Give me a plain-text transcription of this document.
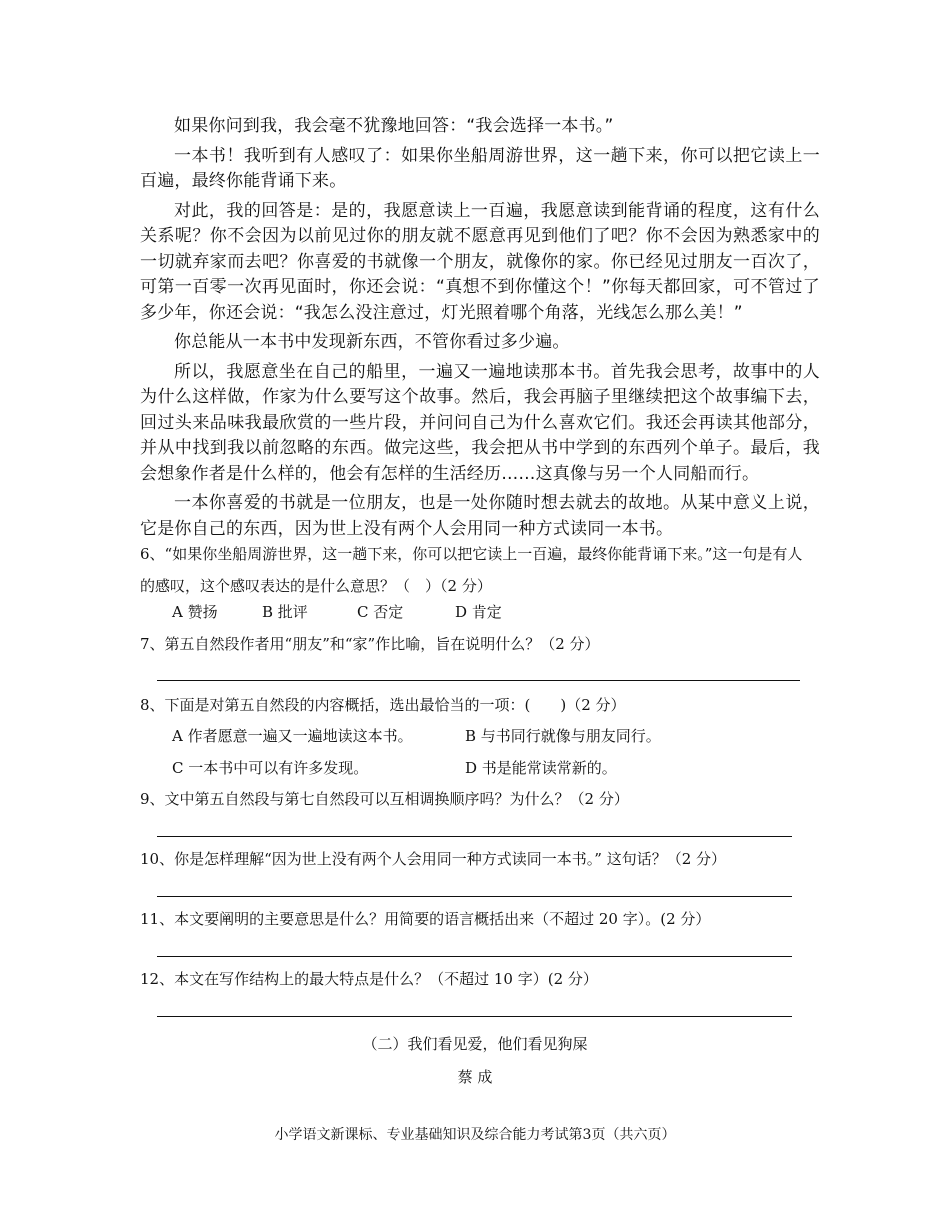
如果你问到我，我会毫不犹豫地回答：“我会选择一本书。”

一本书！我听到有人感叹了：如果你坐船周游世界，这一趟下来，你可以把它读上一百遍，最终你能背诵下来。

对此，我的回答是：是的，我愿意读上一百遍，我愿意读到能背诵的程度，这有什么关系呢？你不会因为以前见过你的朋友就不愿意再见到他们了吧？你不会因为熟悉家中的一切就弃家而去吧？你喜爱的书就像一个朋友，就像你的家。你已经见过朋友一百次了，可第一百零一次再见面时，你还会说：“真想不到你懂这个！”你每天都回家，可不管过了多少年，你还会说：“我怎么没注意过，灯光照着哪个角落，光线怎么那么美！”

你总能从一本书中发现新东西，不管你看过多少遍。

所以，我愿意坐在自己的船里，一遍又一遍地读那本书。首先我会思考，故事中的人为什么这样做，作家为什么要写这个故事。然后，我会再脑子里继续把这个故事编下去，回过头来品味我最欣赏的一些片段，并问问自己为什么喜欢它们。我还会再读其他部分，并从中找到我以前忽略的东西。做完这些，我会把从书中学到的东西列个单子。最后，我会想象作者是什么样的，他会有怎样的生活经历……这真像与另一个人同船而行。

一本你喜爱的书就是一位朋友，也是一处你随时想去就去的故地。从某中意义上说，它是你自己的东西，因为世上没有两个人会用同一种方式读同一本书。

6、“如果你坐船周游世界，这一趟下来，你可以把它读上一百遍，最终你能背诵下来。”这一句是有人的感叹，这个感叹表达的是什么意思？（　）（2 分）
A 赞扬	B 批评	C 否定	D 肯定
7、第五自然段作者用“朋友”和“家”作比喻，旨在说明什么？（2 分）
8、下面是对第五自然段的内容概括，选出最恰当的一项：(　　)（2 分）
A 作者愿意一遍又一遍地读这本书。	B 与书同行就像与朋友同行。
C 一本书中可以有许多发现。	D 书是能常读常新的。
9、文中第五自然段与第七自然段可以互相调换顺序吗？为什么？（2 分）
10、你是怎样理解“因为世上没有两个人会用同一种方式读同一本书。” 这句话？（2 分）
11、本文要阐明的主要意思是什么？用简要的语言概括出来（不超过 20 字）。(2 分）
12、本文在写作结构上的最大特点是什么？（不超过 10 字）(2 分）
（二）我们看见爱，他们看见狗屎
蔡 成
小学语文新课标、专业基础知识及综合能力考试第3页（共六页）
